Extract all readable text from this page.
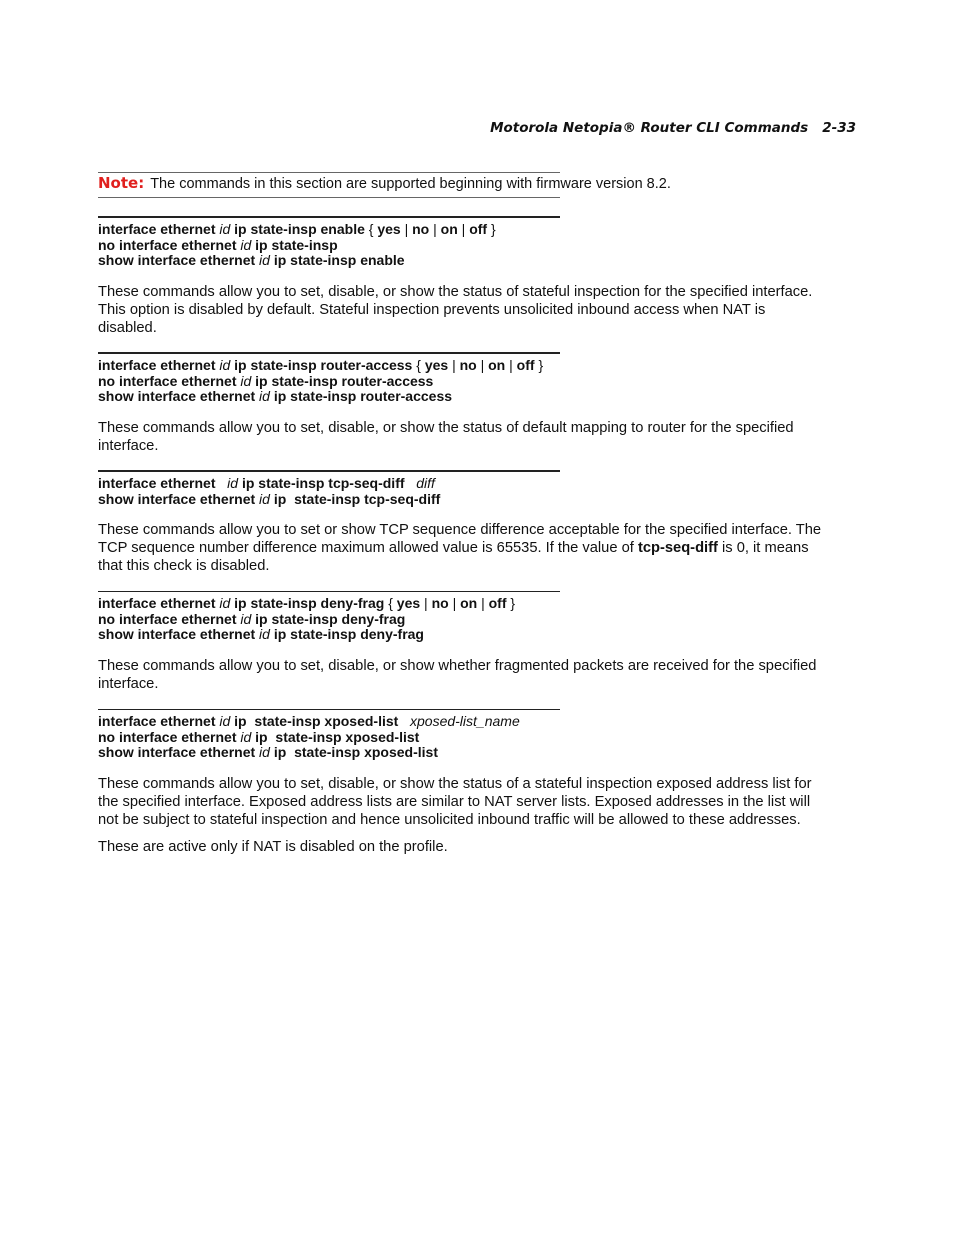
Motorola Netopia® Router CLI Commands 2-33
Note: The commands in this section are supported beginning with firmware version 8.2.
interface ethernet id ip state-insp enable { yes | no | on | off }
no interface ethernet id ip state-insp
show interface ethernet id ip state-insp enable
These commands allow you to set, disable, or show the status of stateful inspection for the specified interface.
This option is disabled by default. Stateful inspection prevents unsolicited inbound access when NAT is
disabled.
interface ethernet id ip state-insp router-access { yes | no | on | off }
no interface ethernet id ip state-insp router-access
show interface ethernet id ip state-insp router-access
These commands allow you to set, disable, or show the status of default mapping to router for the specified
interface.
interface ethernet id ip state-insp tcp-seq-diff diff
show interface ethernet id ip state-insp tcp-seq-diff
These commands allow you to set or show TCP sequence difference acceptable for the specified interface. The
TCP sequence number difference maximum allowed value is 65535. If the value of tcp-seq-diff is 0, it means
that this check is disabled.
interface ethernet id ip state-insp deny-frag { yes | no | on | off }
no interface ethernet id ip state-insp deny-frag
show interface ethernet id ip state-insp deny-frag
These commands allow you to set, disable, or show whether fragmented packets are received for the specified
interface.
interface ethernet id ip state-insp xposed-list xposed-list_name
no interface ethernet id ip state-insp xposed-list
show interface ethernet id ip state-insp xposed-list
These commands allow you to set, disable, or show the status of a stateful inspection exposed address list for
the specified interface. Exposed address lists are similar to NAT server lists. Exposed addresses in the list will
not be subject to stateful inspection and hence unsolicited inbound traffic will be allowed to these addresses.
These are active only if NAT is disabled on the profile.
